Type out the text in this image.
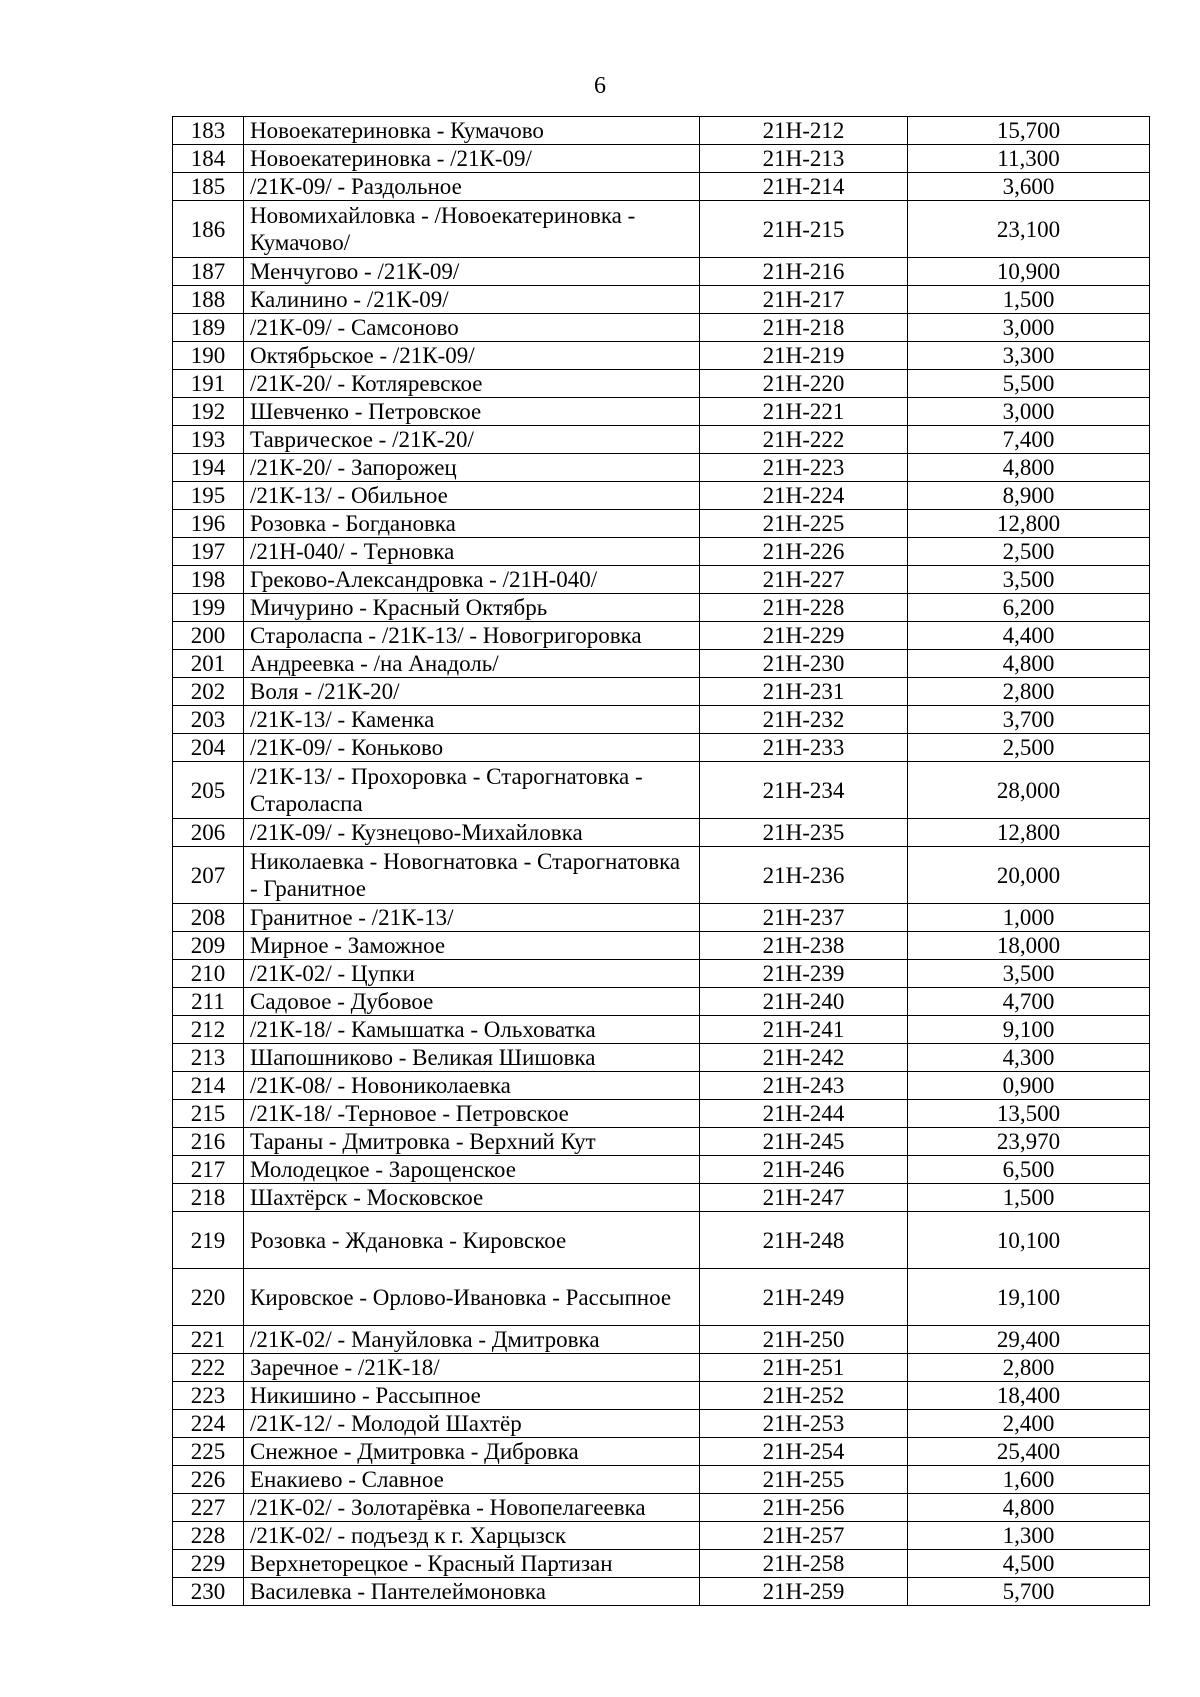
6
183	Новоекатериновка - Кумачово	21Н-212	15,700
184	Новоекатериновка - /21К-09/	21Н-213	11,300
185	/21К-09/ - Раздольное	21Н-214	3,600
186	Новомихайловка - /Новоекатериновка - Кумачово/	21Н-215	23,100
187	Менчугово - /21К-09/	21Н-216	10,900
188	Калинино - /21К-09/	21Н-217	1,500
189	/21К-09/ - Самсоново	21Н-218	3,000
190	Октябрьское - /21К-09/	21Н-219	3,300
191	/21К-20/ - Котляревское	21Н-220	5,500
192	Шевченко - Петровское	21Н-221	3,000
193	Таврическое - /21К-20/	21Н-222	7,400
194	/21К-20/ - Запорожец	21Н-223	4,800
195	/21К-13/ - Обильное	21Н-224	8,900
196	Розовка - Богдановка	21Н-225	12,800
197	/21Н-040/ - Терновка	21Н-226	2,500
198	Греково-Александровка - /21Н-040/	21Н-227	3,500
199	Мичурино - Красный Октябрь	21Н-228	6,200
200	Староласпа - /21К-13/ - Новогригоровка	21Н-229	4,400
201	Андреевка - /на Анадоль/	21Н-230	4,800
202	Воля - /21К-20/	21Н-231	2,800
203	/21К-13/ - Каменка	21Н-232	3,700
204	/21К-09/ - Коньково	21Н-233	2,500
205	/21К-13/ - Прохоровка - Старогнатовка - Староласпа	21Н-234	28,000
206	/21К-09/ - Кузнецово-Михайловка	21Н-235	12,800
207	Николаевка - Новогнатовка - Старогнатовка - Гранитное	21Н-236	20,000
208	Гранитное - /21К-13/	21Н-237	1,000
209	Мирное - Заможное	21Н-238	18,000
210	/21К-02/ - Цупки	21Н-239	3,500
211	Садовое - Дубовое	21Н-240	4,700
212	/21К-18/ - Камышатка - Ольховатка	21Н-241	9,100
213	Шапошниково - Великая Шишовка	21Н-242	4,300
214	/21К-08/ - Новониколаевка	21Н-243	0,900
215	/21К-18/ -Терновое - Петровское	21Н-244	13,500
216	Тараны - Дмитровка - Верхний Кут	21Н-245	23,970
217	Молодецкое - Зарощенское	21Н-246	6,500
218	Шахтёрск - Московское	21Н-247	1,500
219	Розовка - Ждановка - Кировское	21Н-248	10,100
220	Кировское - Орлово-Ивановка - Рассыпное	21Н-249	19,100
221	/21К-02/ - Мануйловка - Дмитровка	21Н-250	29,400
222	Заречное - /21К-18/	21Н-251	2,800
223	Никишино - Рассыпное	21Н-252	18,400
224	/21К-12/ - Молодой Шахтёр	21Н-253	2,400
225	Снежное - Дмитровка - Дибровка	21Н-254	25,400
226	Енакиево - Славное	21Н-255	1,600
227	/21К-02/ - Золотарёвка - Новопелагеевка	21Н-256	4,800
228	/21К-02/ - подъезд к г. Харцызск	21Н-257	1,300
229	Верхнеторецкое - Красный Партизан	21Н-258	4,500
230	Василевка - Пантелеймоновка	21Н-259	5,700
